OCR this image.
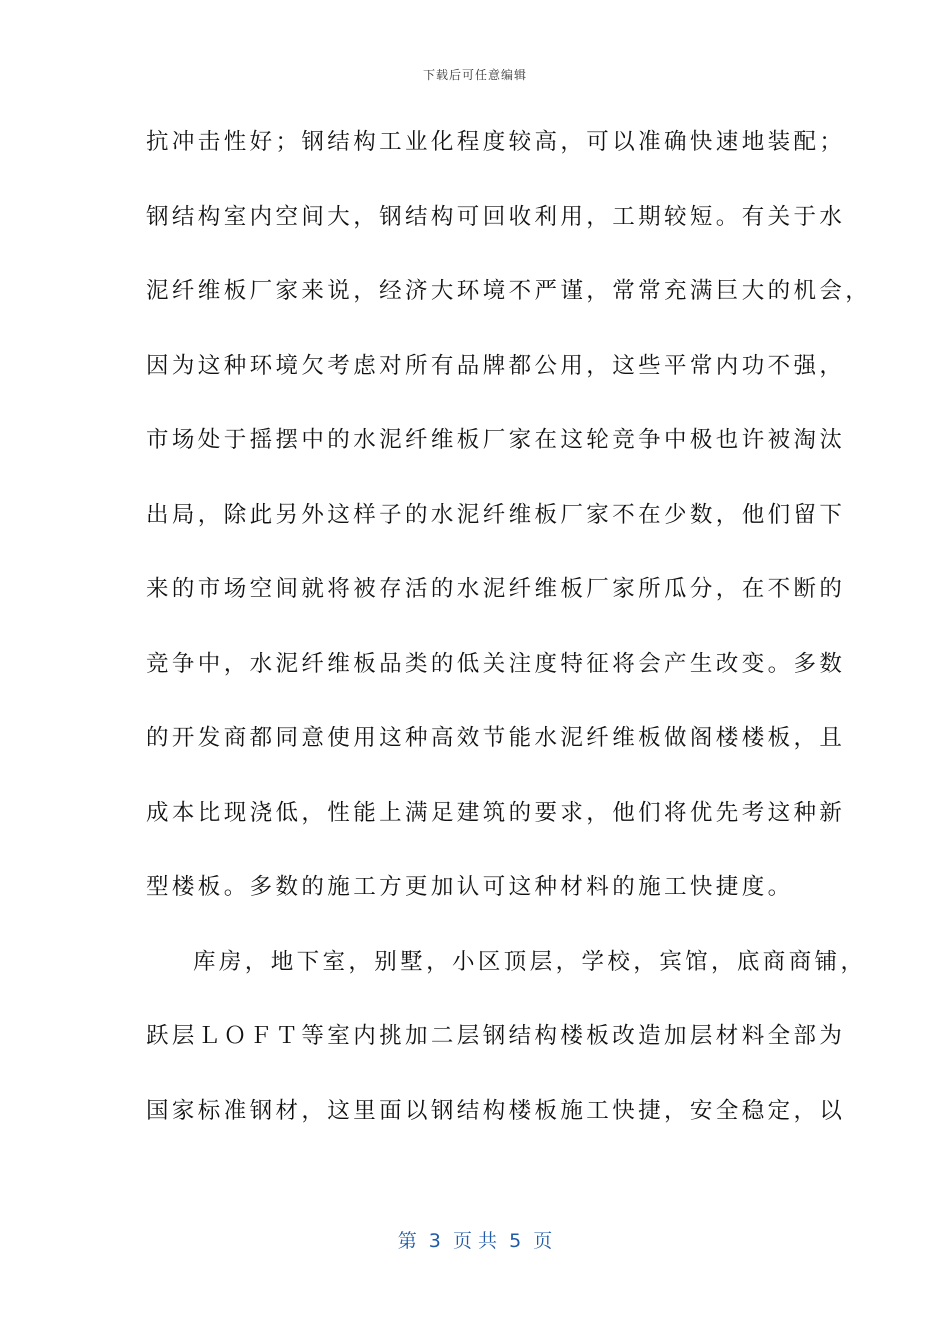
下载后可任意编辑
抗冲击性好；钢结构工业化程度较高，可以准确快速地装配；
钢结构室内空间大，钢结构可回收利用，工期较短。有关于水
泥纤维板厂家来说，经济大环境不严谨，常常充满巨大的机会，
因为这种环境欠考虑对所有品牌都公用，这些平常内功不强，
市场处于摇摆中的水泥纤维板厂家在这轮竞争中极也许被淘汰
出局，除此另外这样子的水泥纤维板厂家不在少数，他们留下
来的市场空间就将被存活的水泥纤维板厂家所瓜分，在不断的
竞争中，水泥纤维板品类的低关注度特征将会产生改变。多数
的开发商都同意使用这种高效节能水泥纤维板做阁楼楼板，且
成本比现浇低，性能上满足建筑的要求，他们将优先考这种新
型楼板。多数的施工方更加认可这种材料的施工快捷度。
库房，地下室，别墅，小区顶层，学校，宾馆，底商商铺，
跃层ＬＯＦＴ等室内挑加二层钢结构楼板改造加层材料全部为
国家标准钢材，这里面以钢结构楼板施工快捷，安全稳定，以
第  3  页 共  5  页
